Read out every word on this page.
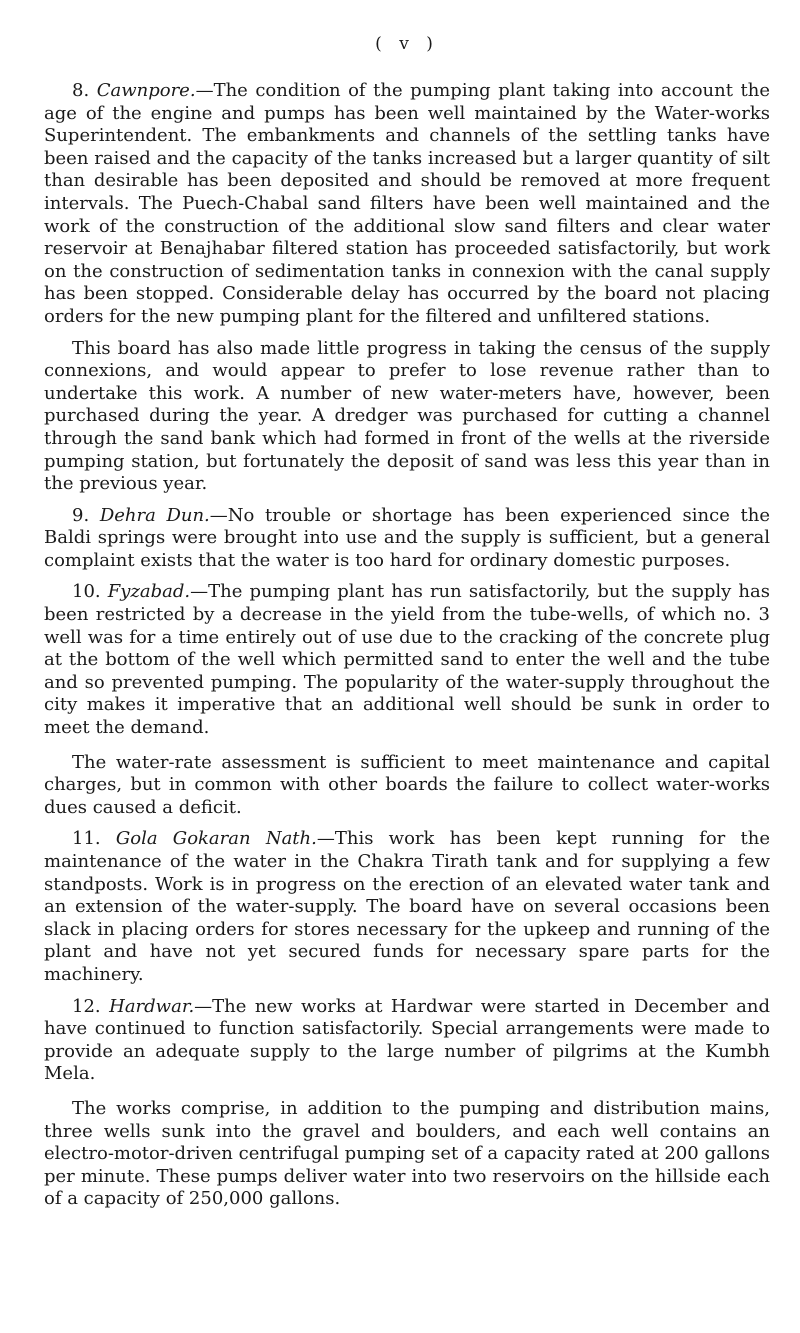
( v )

8. Cawnpore.—The condition of the pumping plant taking into account the age of the engine and pumps has been well maintained by the Water-works Superintendent. The embankments and channels of the settling tanks have been raised and the capacity of the tanks increased but a larger quantity of silt than desirable has been deposited and should be removed at more frequent intervals. The Puech-Chabal sand filters have been well maintained and the work of the construction of the additional slow sand filters and clear water reservoir at Benajhabar filtered station has proceeded satisfactorily, but work on the construction of sedimentation tanks in connexion with the canal supply has been stopped. Considerable delay has occurred by the board not placing orders for the new pumping plant for the filtered and unfiltered stations.

This board has also made little progress in taking the census of the supply connexions, and would appear to prefer to lose revenue rather than to undertake this work. A number of new water-meters have, however, been purchased during the year. A dredger was purchased for cutting a channel through the sand bank which had formed in front of the wells at the riverside pumping station, but fortunately the deposit of sand was less this year than in the previous year.

9. Dehra Dun.—No trouble or shortage has been experienced since the Baldi springs were brought into use and the supply is sufficient, but a general complaint exists that the water is too hard for ordinary domestic purposes.

10. Fyzabad.—The pumping plant has run satisfactorily, but the supply has been restricted by a decrease in the yield from the tube-wells, of which no. 3 well was for a time entirely out of use due to the cracking of the concrete plug at the bottom of the well which permitted sand to enter the well and the tube and so prevented pumping. The popularity of the water-supply throughout the city makes it imperative that an additional well should be sunk in order to meet the demand.

The water-rate assessment is sufficient to meet maintenance and capital charges, but in common with other boards the failure to collect water-works dues caused a deficit.

11. Gola Gokaran Nath.—This work has been kept running for the maintenance of the water in the Chakra Tirath tank and for supplying a few standposts. Work is in progress on the erection of an elevated water tank and an extension of the water-supply. The board have on several occasions been slack in placing orders for stores necessary for the upkeep and running of the plant and have not yet secured funds for necessary spare parts for the machinery.

12. Hardwar.—The new works at Hardwar were started in December and have continued to function satisfactorily. Special arrangements were made to provide an adequate supply to the large number of pilgrims at the Kumbh Mela.

The works comprise, in addition to the pumping and distribution mains, three wells sunk into the gravel and boulders, and each well contains an electro-motor-driven centrifugal pumping set of a capacity rated at 200 gallons per minute. These pumps deliver water into two reservoirs on the hillside each of a capacity of 250,000 gallons.
